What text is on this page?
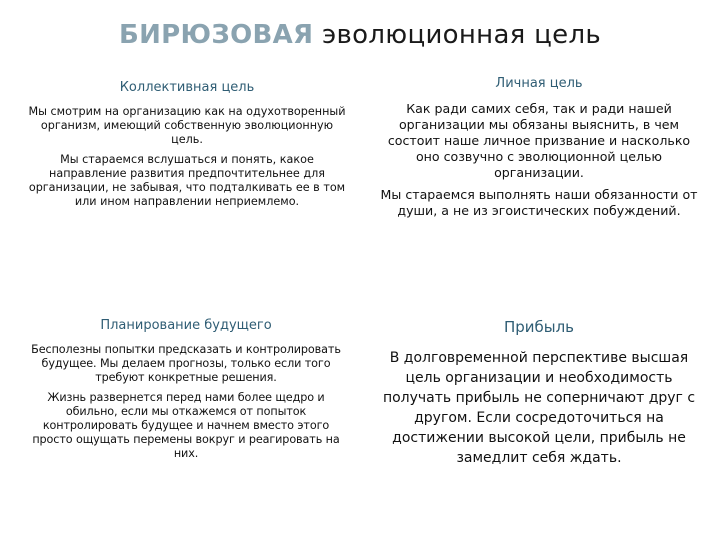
БИРЮЗОВАЯ эволюционная цель
Коллективная цель

Мы смотрим на организацию как на одухотворенный организм, имеющий собственную эволюционную цель.

Мы стараемся вслушаться и понять, какое направление развития предпочтительнее для организации, не забывая, что подталкивать ее в том или ином направлении неприемлемо.

Личная цель

Как ради самих себя, так и ради нашей организации мы обязаны выяснить, в чем состоит наше личное призвание и насколько оно созвучно с эволюционной целью организации.

Мы стараемся выполнять наши обязанности от души, а не из эгоистических побуждений.

Планирование будущего

Бесполезны попытки предсказать и контролировать будущее. Мы делаем прогнозы, только если того требуют конкретные решения.

Жизнь развернется перед нами более щедро и обильно, если мы откажемся от попыток контролировать будущее и начнем вместо этого просто ощущать перемены вокруг и реагировать на них.

Прибыль

В долговременной перспективе высшая цель организации и необходимость получать прибыль не соперничают друг с другом. Если сосредоточиться на достижении высокой цели, прибыль не замедлит себя ждать.
